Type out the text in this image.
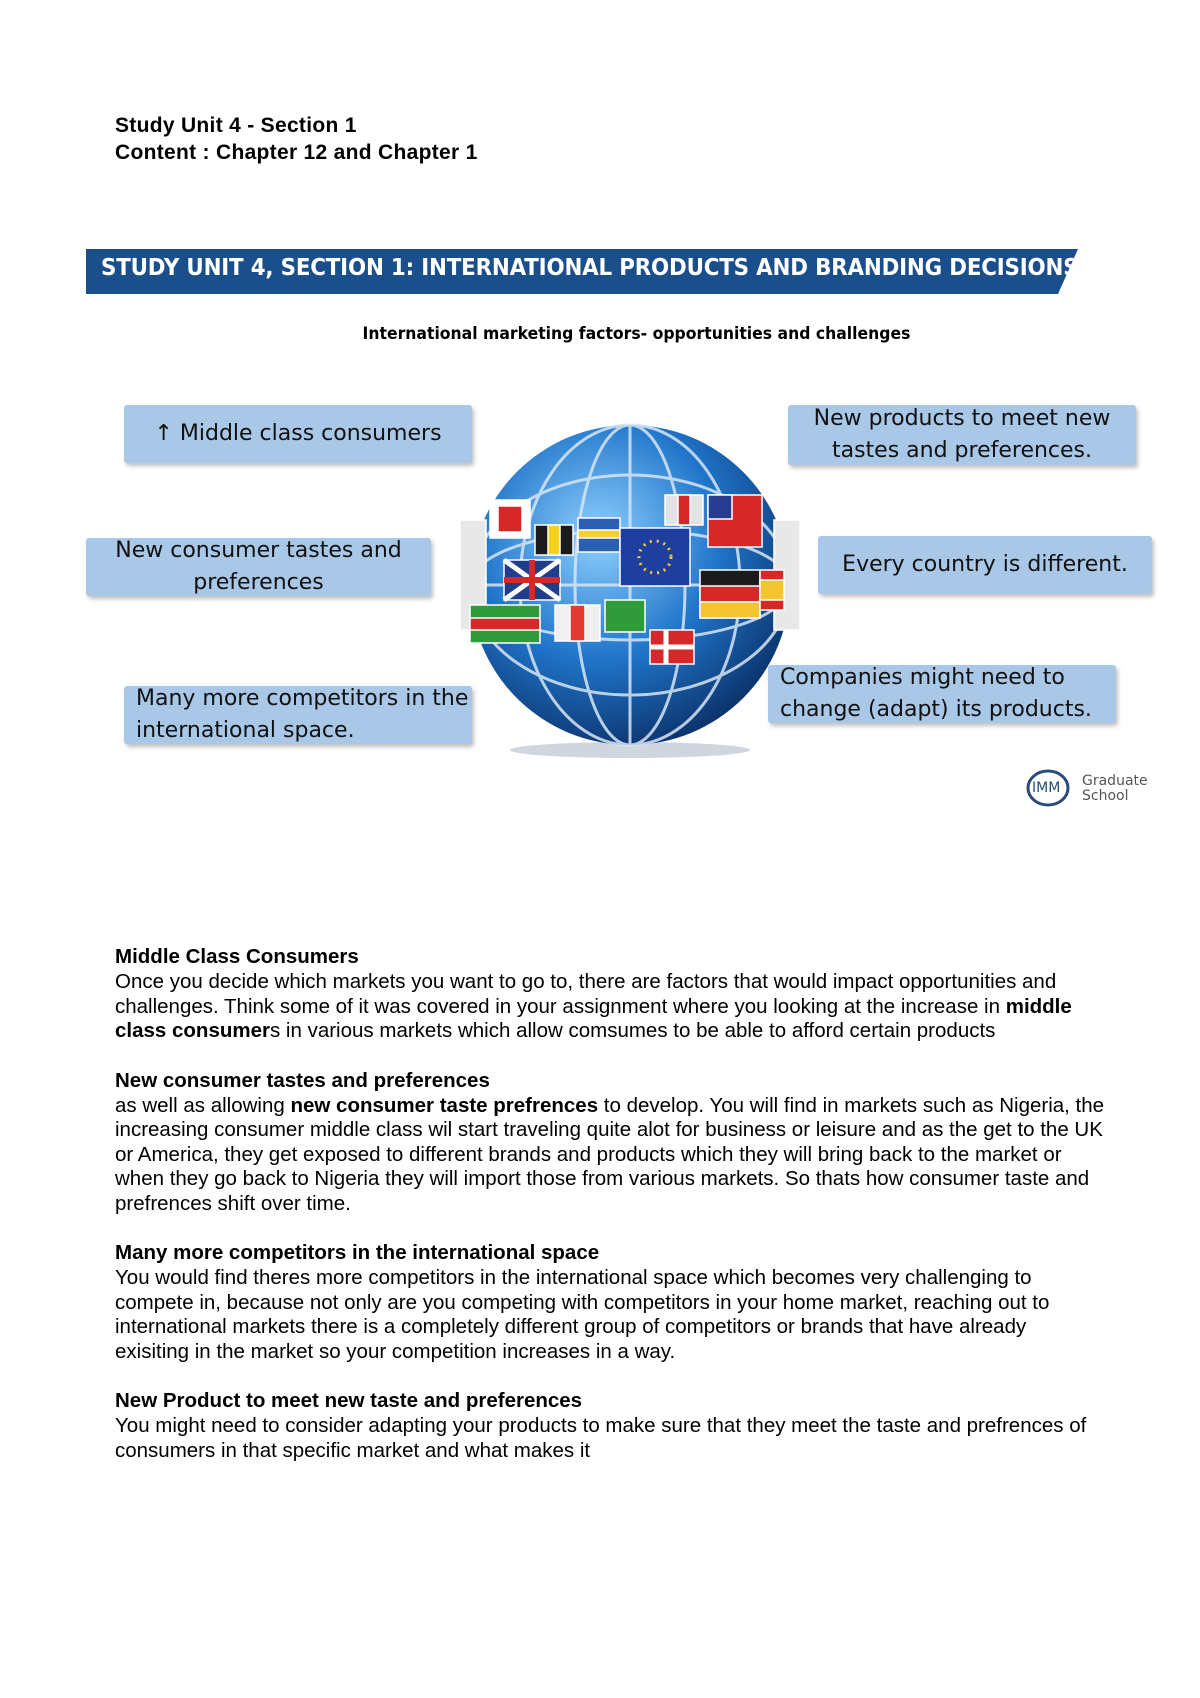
Study Unit 4 - Section 1
Content : Chapter 12 and Chapter 1
STUDY UNIT 4, SECTION 1: INTERNATIONAL PRODUCTS AND BRANDING DECISIONS
International marketing factors- opportunities and challenges
↑ Middle class consumers
New products to meet new tastes and preferences.
New consumer tastes and preferences
Every country is different.
Many more competitors in the international space.
Companies might need to change (adapt) its products.
IMM Graduate
School
Middle Class Consumers

Once you decide which markets you want to go to, there are factors that would impact opportunities and challenges. Think some of it was covered in your assignment where you looking at the increase in middle class consumers in various markets which allow comsumes to be able to afford certain products

New consumer tastes and preferences

as well as allowing new consumer taste prefrences to develop. You will find in markets such as Nigeria, the increasing consumer middle class wil start traveling quite alot for business or leisure and as the get to the UK or America, they get exposed to different brands and products which they will bring back to the market or when they go back to Nigeria they will import those from various markets. So thats how consumer taste and prefrences shift over time.

Many more competitors in the international space

You would find theres more competitors in the international space which becomes very challenging to compete in, because not only are you competing with competitors in your home market, reaching out to international markets there is a completely different group of competitors or brands that have already exisiting in the market so your competition increases in a way.

New Product to meet new taste and preferences

You might need to consider adapting your products to make sure that they meet the taste and prefrences of consumers in that specific market and what makes it
